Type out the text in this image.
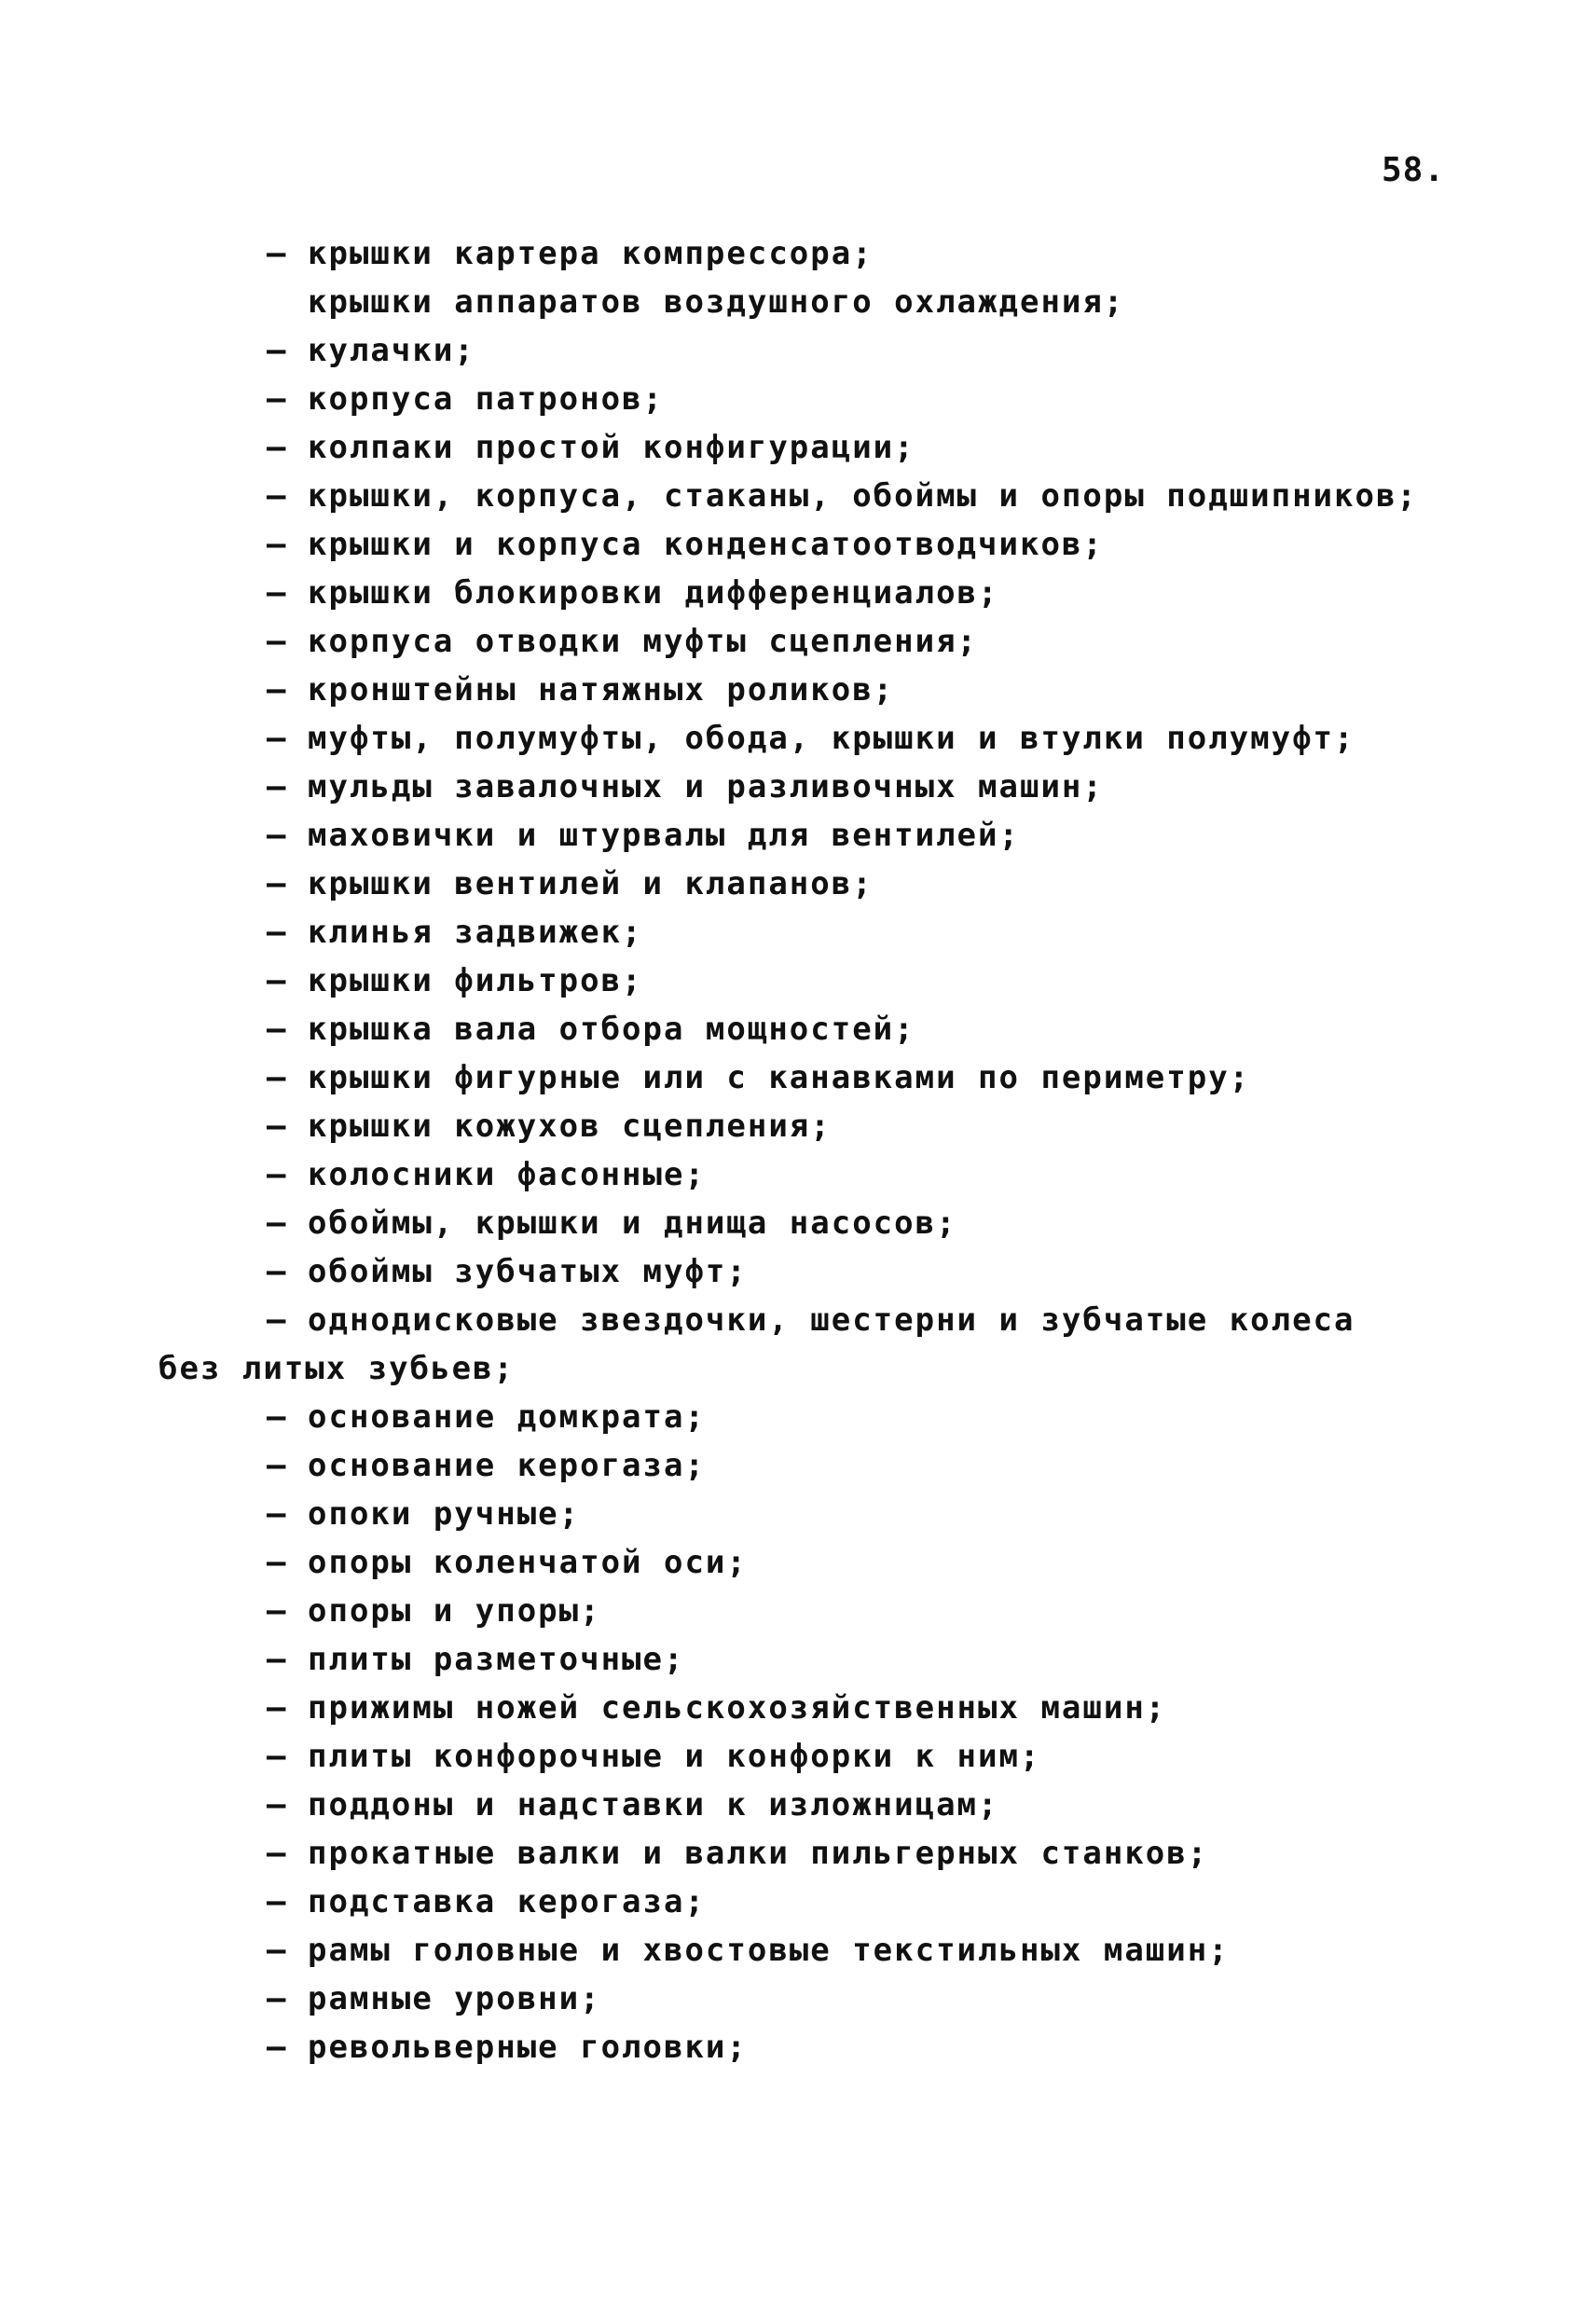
58.
– крышки картера компрессора;
крышки аппаратов воздушного охлаждения;
– кулачки;
– корпуса патронов;
– колпаки простой конфигурации;
– крышки, корпуса, стаканы, обоймы и опоры подшипников;
– крышки и корпуса конденсатоотводчиков;
– крышки блокировки дифференциалов;
– корпуса отводки муфты сцепления;
– кронштейны натяжных роликов;
– муфты, полумуфты, обода, крышки и втулки полумуфт;
– мульды завалочных и разливочных машин;
– маховички и штурвалы для вентилей;
– крышки вентилей и клапанов;
– клинья задвижек;
– крышки фильтров;
– крышка вала отбора мощностей;
– крышки фигурные или с канавками по периметру;
– крышки кожухов сцепления;
– колосники фасонные;
– обоймы, крышки и днища насосов;
– обоймы зубчатых муфт;
– однодисковые звездочки, шестерни и зубчатые колеса
без литых зубьев;
– основание домкрата;
– основание керогаза;
– опоки ручные;
– опоры коленчатой оси;
– опоры и упоры;
– плиты разметочные;
– прижимы ножей сельскохозяйственных машин;
– плиты конфорочные и конфорки к ним;
– поддоны и надставки к изложницам;
– прокатные валки и валки пильгерных станков;
– подставка керогаза;
– рамы головные и хвостовые текстильных машин;
– рамные уровни;
– револьверные головки;
